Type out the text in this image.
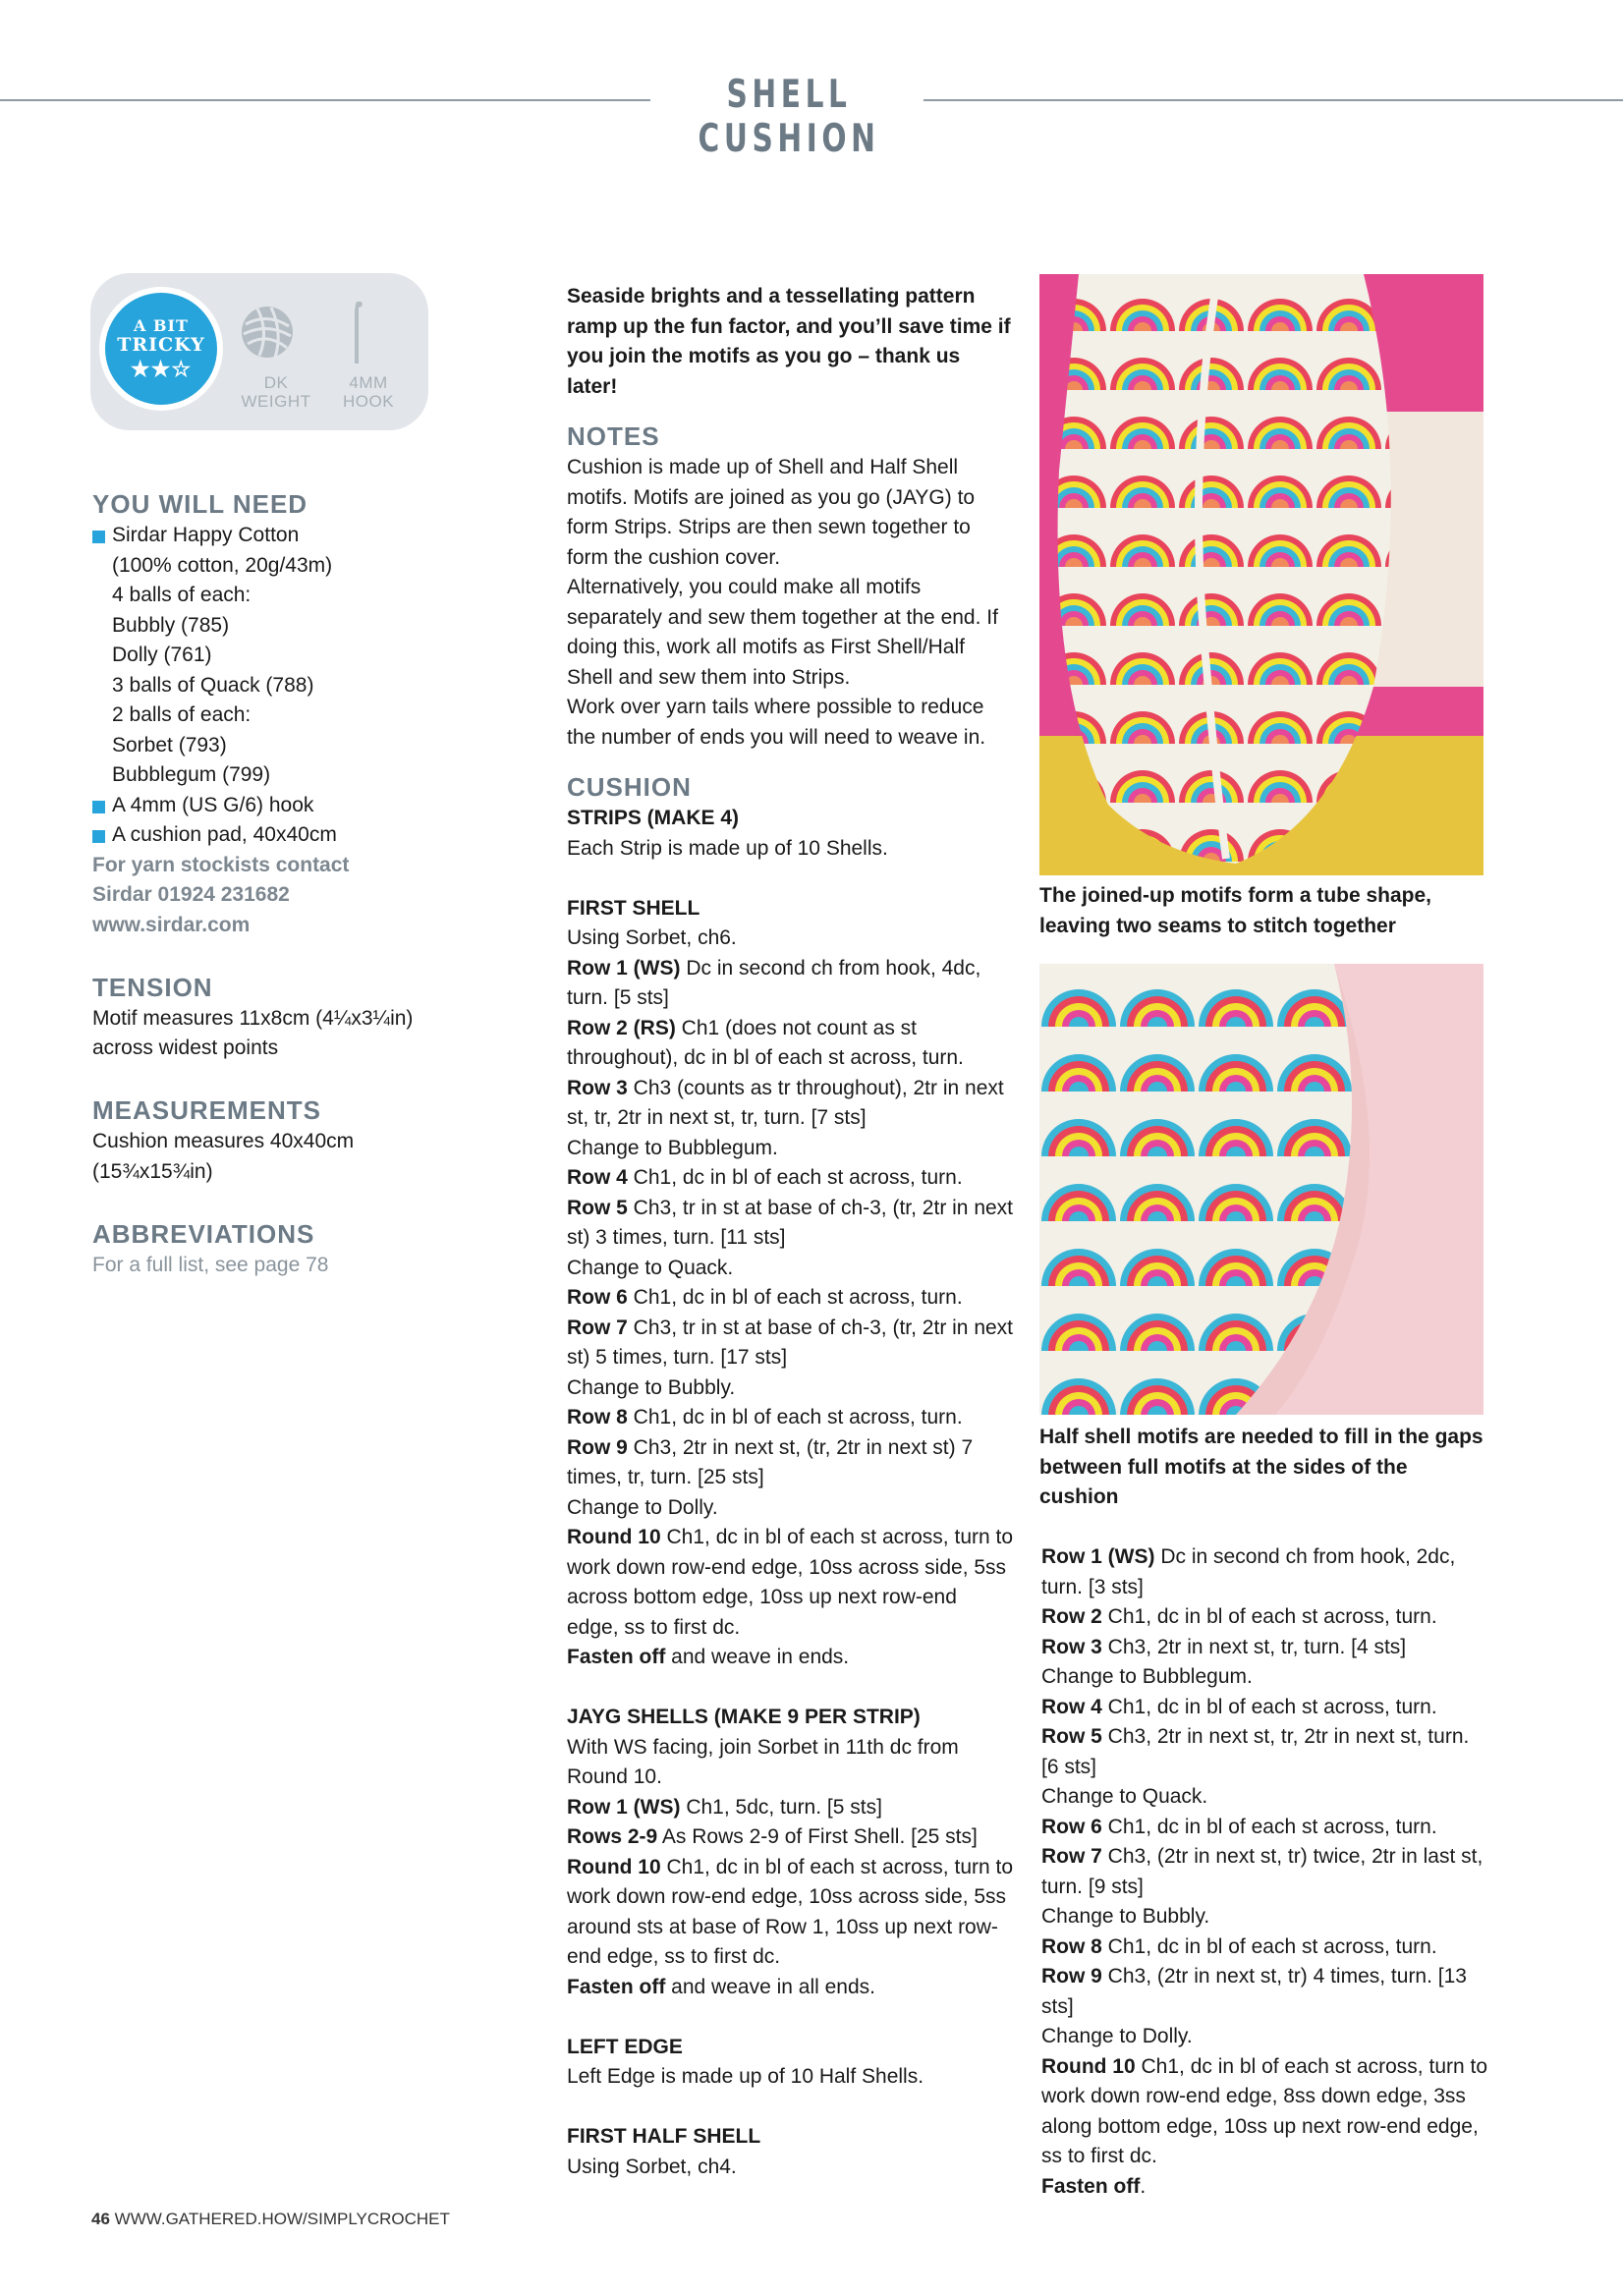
SHELL CUSHION
A BIT
TRICKY
★★☆
DK
WEIGHT
4MM
HOOK

YOU WILL NEED

Sirdar Happy Cotton

(100% cotton, 20g/43m)

4 balls of each:

Bubbly (785)

Dolly (761)

3 balls of Quack (788)

2 balls of each:

Sorbet (793)

Bubblegum (799)

A 4mm (US G/6) hook

A cushion pad, 40x40cm

For yarn stockists contact

Sirdar 01924 231682

www.sirdar.com

TENSION

Motif measures 11x8cm (4¼x3¼in)

across widest points

MEASUREMENTS

Cushion measures 40x40cm

(15¾x15¾in)

ABBREVIATIONS

For a full list, see page 78

Seaside brights and a tessellating pattern ramp up the fun factor, and you’ll save time if you join the motifs as you go – thank us later!

NOTES

Cushion is made up of Shell and Half Shell motifs. Motifs are joined as you go (JAYG) to form Strips. Strips are then sewn together to form the cushion cover.

Alternatively, you could make all motifs separately and sew them together at the end. If doing this, work all motifs as First Shell/Half Shell and sew them into Strips.

Work over yarn tails where possible to reduce the number of ends you will need to weave in.

CUSHION

STRIPS (MAKE 4)

Each Strip is made up of 10 Shells.

FIRST SHELL

Using Sorbet, ch6.

Row 1 (WS) Dc in second ch from hook, 4dc, turn. [5 sts]

Row 2 (RS) Ch1 (does not count as st throughout), dc in bl of each st across, turn.

Row 3 Ch3 (counts as tr throughout), 2tr in next st, tr, 2tr in next st, tr, turn. [7 sts]

Change to Bubblegum.

Row 4 Ch1, dc in bl of each st across, turn.

Row 5 Ch3, tr in st at base of ch-3, (tr, 2tr in next st) 3 times, turn. [11 sts]

Change to Quack.

Row 6 Ch1, dc in bl of each st across, turn.

Row 7 Ch3, tr in st at base of ch-3, (tr, 2tr in next st) 5 times, turn. [17 sts]

Change to Bubbly.

Row 8 Ch1, dc in bl of each st across, turn.

Row 9 Ch3, 2tr in next st, (tr, 2tr in next st) 7 times, tr, turn. [25 sts]

Change to Dolly.

Round 10 Ch1, dc in bl of each st across, turn to work down row-end edge, 10ss across side, 5ss across bottom edge, 10ss up next row-end edge, ss to first dc.

Fasten off and weave in ends.

JAYG SHELLS (MAKE 9 PER STRIP)

With WS facing, join Sorbet in 11th dc from Round 10.

Row 1 (WS) Ch1, 5dc, turn. [5 sts]

Rows 2-9 As Rows 2-9 of First Shell. [25 sts]

Round 10 Ch1, dc in bl of each st across, turn to work down row-end edge, 10ss across side, 5ss around sts at base of Row 1, 10ss up next row-end edge, ss to first dc.

Fasten off and weave in all ends.

LEFT EDGE

Left Edge is made up of 10 Half Shells.

FIRST HALF SHELL

Using Sorbet, ch4.

The joined-up motifs form a tube shape, leaving two seams to stitch together
Half shell motifs are needed to fill in the gaps between full motifs at the sides of the cushion

Row 1 (WS) Dc in second ch from hook, 2dc, turn. [3 sts]

Row 2 Ch1, dc in bl of each st across, turn.

Row 3 Ch3, 2tr in next st, tr, turn. [4 sts]

Change to Bubblegum.

Row 4 Ch1, dc in bl of each st across, turn.

Row 5 Ch3, 2tr in next st, tr, 2tr in next st, turn. [6 sts]

Change to Quack.

Row 6 Ch1, dc in bl of each st across, turn.

Row 7 Ch3, (2tr in next st, tr) twice, 2tr in last st, turn. [9 sts]

Change to Bubbly.

Row 8 Ch1, dc in bl of each st across, turn.

Row 9 Ch3, (2tr in next st, tr) 4 times, turn. [13 sts]

Change to Dolly.

Round 10 Ch1, dc in bl of each st across, turn to work down row-end edge, 8ss down edge, 3ss along bottom edge, 10ss up next row-end edge, ss to first dc.

Fasten off.

46 WWW.GATHERED.HOW/SIMPLYCROCHET
